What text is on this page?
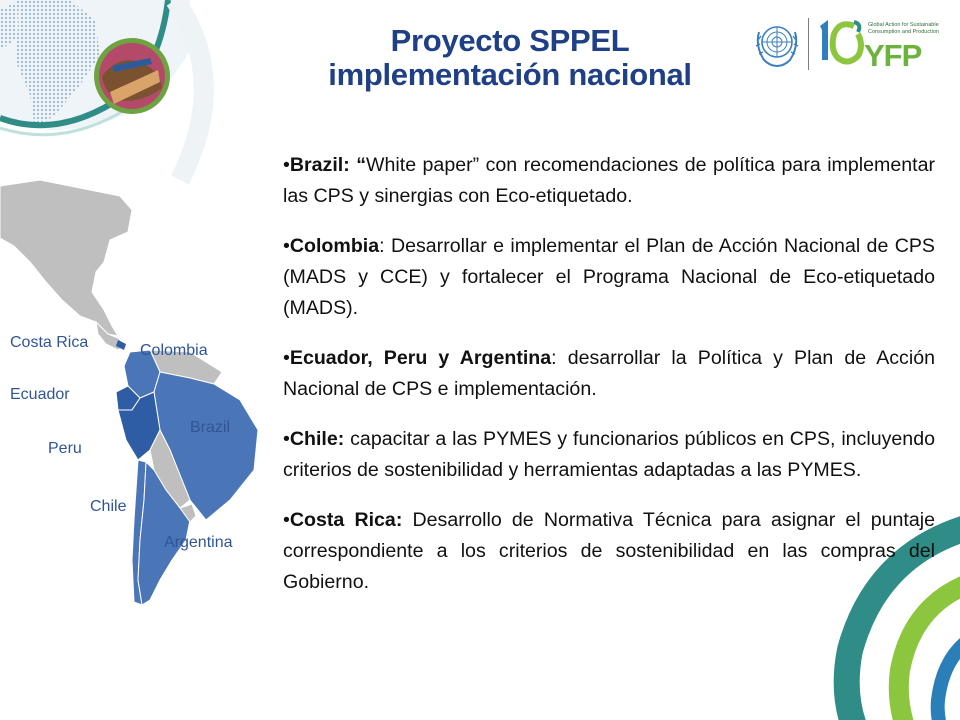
Costa Rica	Colombia
Ecuador
Peru
Brazil
Chile
Argentina
Proyecto SPPEL
implementación nacional
Global Action for Sustainable
Consumption and Production
YFP

•Brazil: “White paper” con recomendaciones de política para implementar las CPS y sinergias con Eco-etiquetado.

•Colombia: Desarrollar e implementar el Plan de Acción Nacional de CPS (MADS y CCE) y fortalecer el Programa Nacional de Eco-etiquetado (MADS).

•Ecuador, Peru y Argentina: desarrollar la Política y Plan de Acción Nacional de CPS e implementación.

•Chile: capacitar a las PYMES y funcionarios públicos en CPS, incluyendo criterios de sostenibilidad y herramientas adaptadas a las PYMES.

•Costa Rica: Desarrollo de Normativa Técnica para asignar el puntaje correspondiente a los criterios de sostenibilidad en las compras del Gobierno.
